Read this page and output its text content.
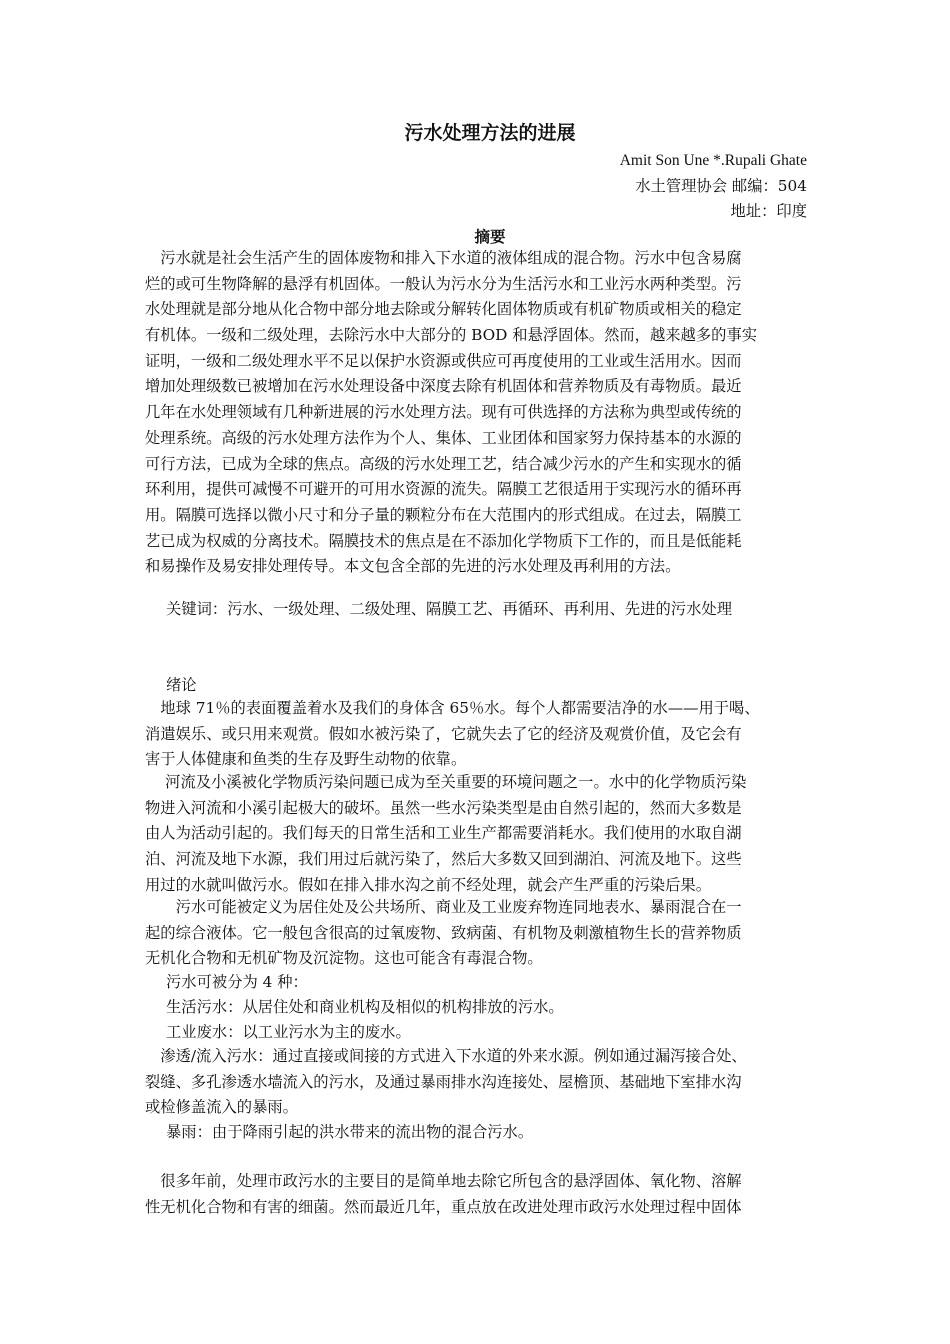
污水处理方法的进展
Amit Son Une *.Rupali Ghate
水土管理协会 邮编：504
地址：印度
摘要
　污水就是社会生活产生的固体废物和排入下水道的液体组成的混合物。污水中包含易腐
烂的或可生物降解的悬浮有机固体。一般认为污水分为生活污水和工业污水两种类型。污
水处理就是部分地从化合物中部分地去除或分解转化固体物质或有机矿物质或相关的稳定
有机体。一级和二级处理，去除污水中大部分的 BOD 和悬浮固体。然而，越来越多的事实
证明，一级和二级处理水平不足以保护水资源或供应可再度使用的工业或生活用水。因而
增加处理级数已被增加在污水处理设备中深度去除有机固体和营养物质及有毒物质。最近
几年在水处理领域有几种新进展的污水处理方法。现有可供选择的方法称为典型或传统的
处理系统。高级的污水处理方法作为个人、集体、工业团体和国家努力保持基本的水源的
可行方法，已成为全球的焦点。高级的污水处理工艺，结合减少污水的产生和实现水的循
环利用，提供可减慢不可避开的可用水资源的流失。隔膜工艺很适用于实现污水的循环再
用。隔膜可选择以微小尺寸和分子量的颗粒分布在大范围内的形式组成。在过去，隔膜工
艺已成为权威的分离技术。隔膜技术的焦点是在不添加化学物质下工作的，而且是低能耗
和易操作及易安排处理传导。本文包含全部的先进的污水处理及再利用的方法。
关键词：污水、一级处理、二级处理、隔膜工艺、再循环、再利用、先进的污水处理
绪论
　地球 71％的表面覆盖着水及我们的身体含 65％水。每个人都需要洁净的水——用于喝、
消遣娱乐、或只用来观赏。假如水被污染了，它就失去了它的经济及观赏价值，及它会有
害于人体健康和鱼类的生存及野生动物的依靠。
　 河流及小溪被化学物质污染问题已成为至关重要的环境问题之一。水中的化学物质污染
物进入河流和小溪引起极大的破坏。虽然一些水污染类型是由自然引起的，然而大多数是
由人为活动引起的。我们每天的日常生活和工业生产都需要消耗水。我们使用的水取自湖
泊、河流及地下水源，我们用过后就污染了，然后大多数又回到湖泊、河流及地下。这些
用过的水就叫做污水。假如在排入排水沟之前不经处理，就会产生严重的污染后果。
　　污水可能被定义为居住处及公共场所、商业及工业废弃物连同地表水、暴雨混合在一
起的综合液体。它一般包含很高的过氧废物、致病菌、有机物及刺激植物生长的营养物质
无机化合物和无机矿物及沉淀物。这也可能含有毒混合物。
污水可被分为 4 种：
生活污水：从居住处和商业机构及相似的机构排放的污水。
工业废水：以工业污水为主的废水。
　渗透/流入污水：通过直接或间接的方式进入下水道的外来水源。例如通过漏泻接合处、
裂缝、多孔渗透水墙流入的污水，及通过暴雨排水沟连接处、屋檐顶、基础地下室排水沟
或检修盖流入的暴雨。
暴雨：由于降雨引起的洪水带来的流出物的混合污水。
　很多年前，处理市政污水的主要目的是简单地去除它所包含的悬浮固体、氧化物、溶解
性无机化合物和有害的细菌。然而最近几年，重点放在改进处理市政污水处理过程中固体
